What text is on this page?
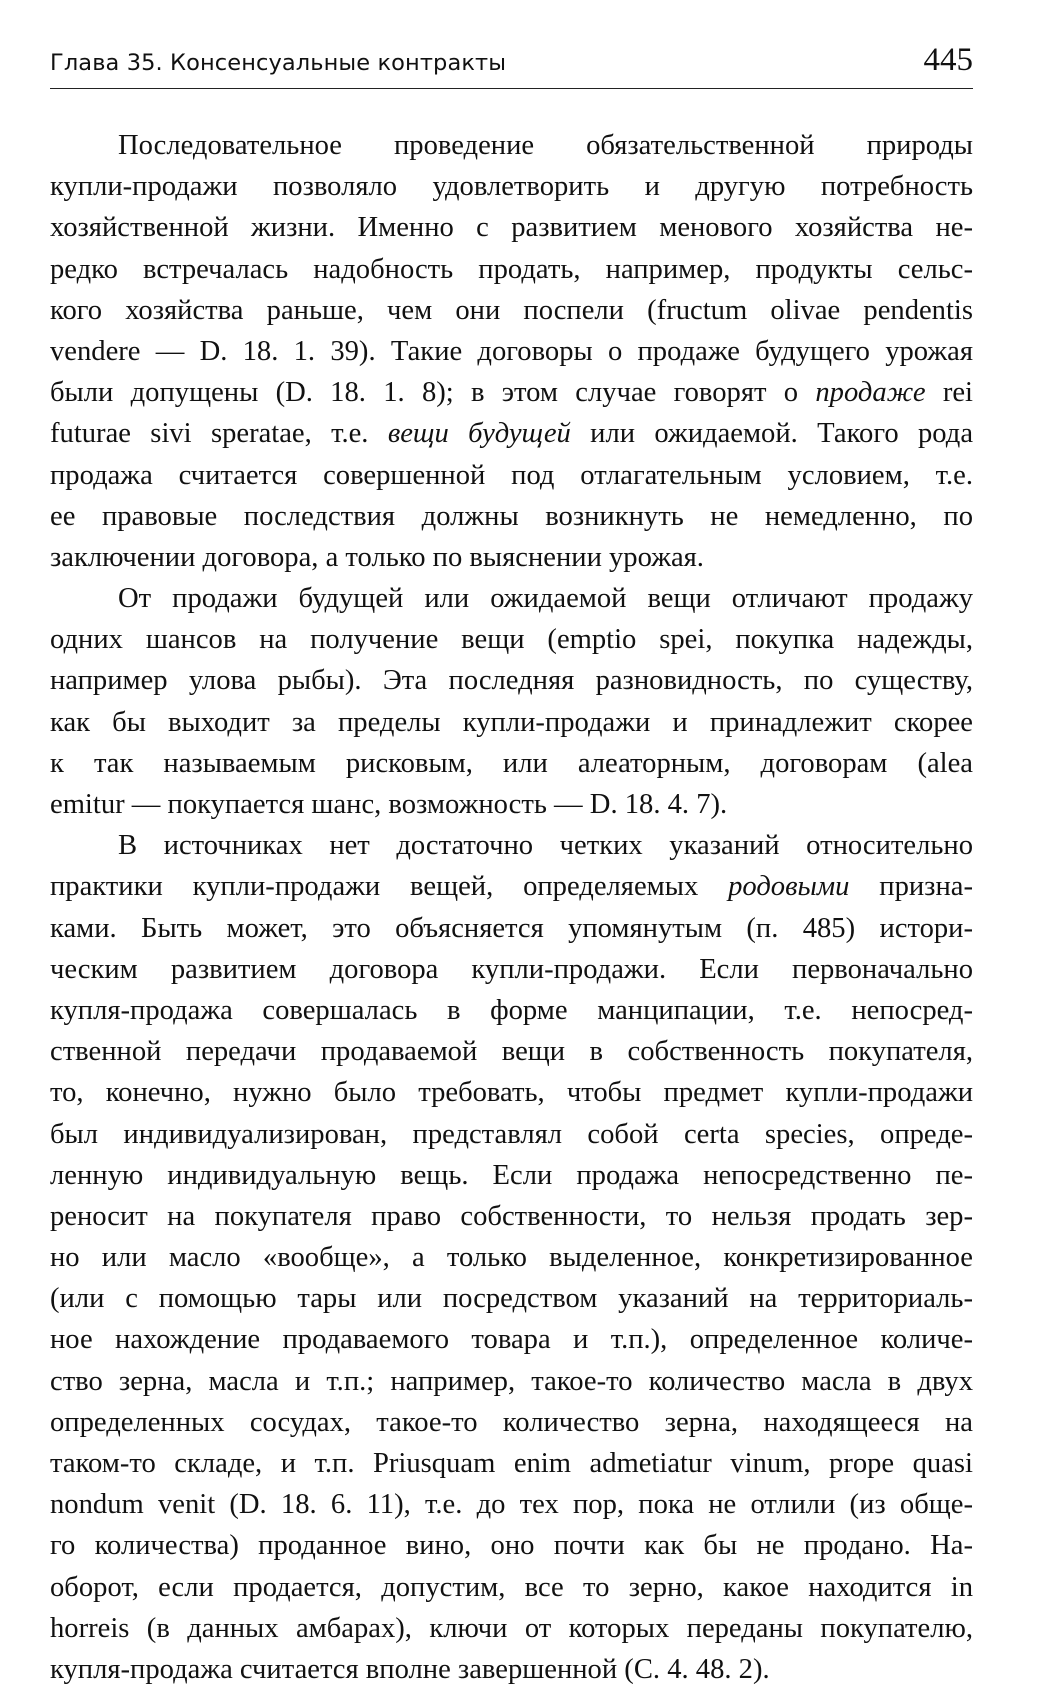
Глава 35. Консенсуальные контракты	445
Последовательное проведение обязательственной природы
купли-продажи позволяло удовлетворить и другую потребность
хозяйственной жизни. Именно с развитием менового хозяйства не-
редко встречалась надобность продать, например, продукты сельс-
кого хозяйства раньше, чем они поспели (fructum olivae pendentis
vendere — D. 18. 1. 39). Такие договоры о продаже будущего урожая
были допущены (D. 18. 1. 8); в этом случае говорят о продаже rei
futurae sivi speratae, т.е. вещи будущей или ожидаемой. Такого рода
продажа считается совершенной под отлагательным условием, т.е.
ее правовые последствия должны возникнуть не немедленно, по
заключении договора, а только по выяснении урожая.
От продажи будущей или ожидаемой вещи отличают продажу
одних шансов на получение вещи (emptio spei, покупка надежды,
например улова рыбы). Эта последняя разновидность, по существу,
как бы выходит за пределы купли-продажи и принадлежит скорее
к так называемым рисковым, или алеаторным, договорам (alea
emitur — покупается шанс, возможность — D. 18. 4. 7).
В источниках нет достаточно четких указаний относительно
практики купли-продажи вещей, определяемых родовыми призна-
ками. Быть может, это объясняется упомянутым (п. 485) истори-
ческим развитием договора купли-продажи. Если первоначально
купля-продажа совершалась в форме манципации, т.е. непосред-
ственной передачи продаваемой вещи в собственность покупателя,
то, конечно, нужно было требовать, чтобы предмет купли-продажи
был индивидуализирован, представлял собой certa species, опреде-
ленную индивидуальную вещь. Если продажа непосредственно пе-
реносит на покупателя право собственности, то нельзя продать зер-
но или масло «вообще», а только выделенное, конкретизированное
(или с помощью тары или посредством указаний на территориаль-
ное нахождение продаваемого товара и т.п.), определенное количе-
ство зерна, масла и т.п.; например, такое-то количество масла в двух
определенных сосудах, такое-то количество зерна, находящееся на
таком-то складе, и т.п. Priusquam enim admetiatur vinum, prope quasi
nondum venit (D. 18. 6. 11), т.е. до тех пор, пока не отлили (из обще-
го количества) проданное вино, оно почти как бы не продано. На-
оборот, если продается, допустим, все то зерно, какое находится in
horreis (в данных амбарах), ключи от которых переданы покупателю,
купля-продажа считается вполне завершенной (С. 4. 48. 2).
